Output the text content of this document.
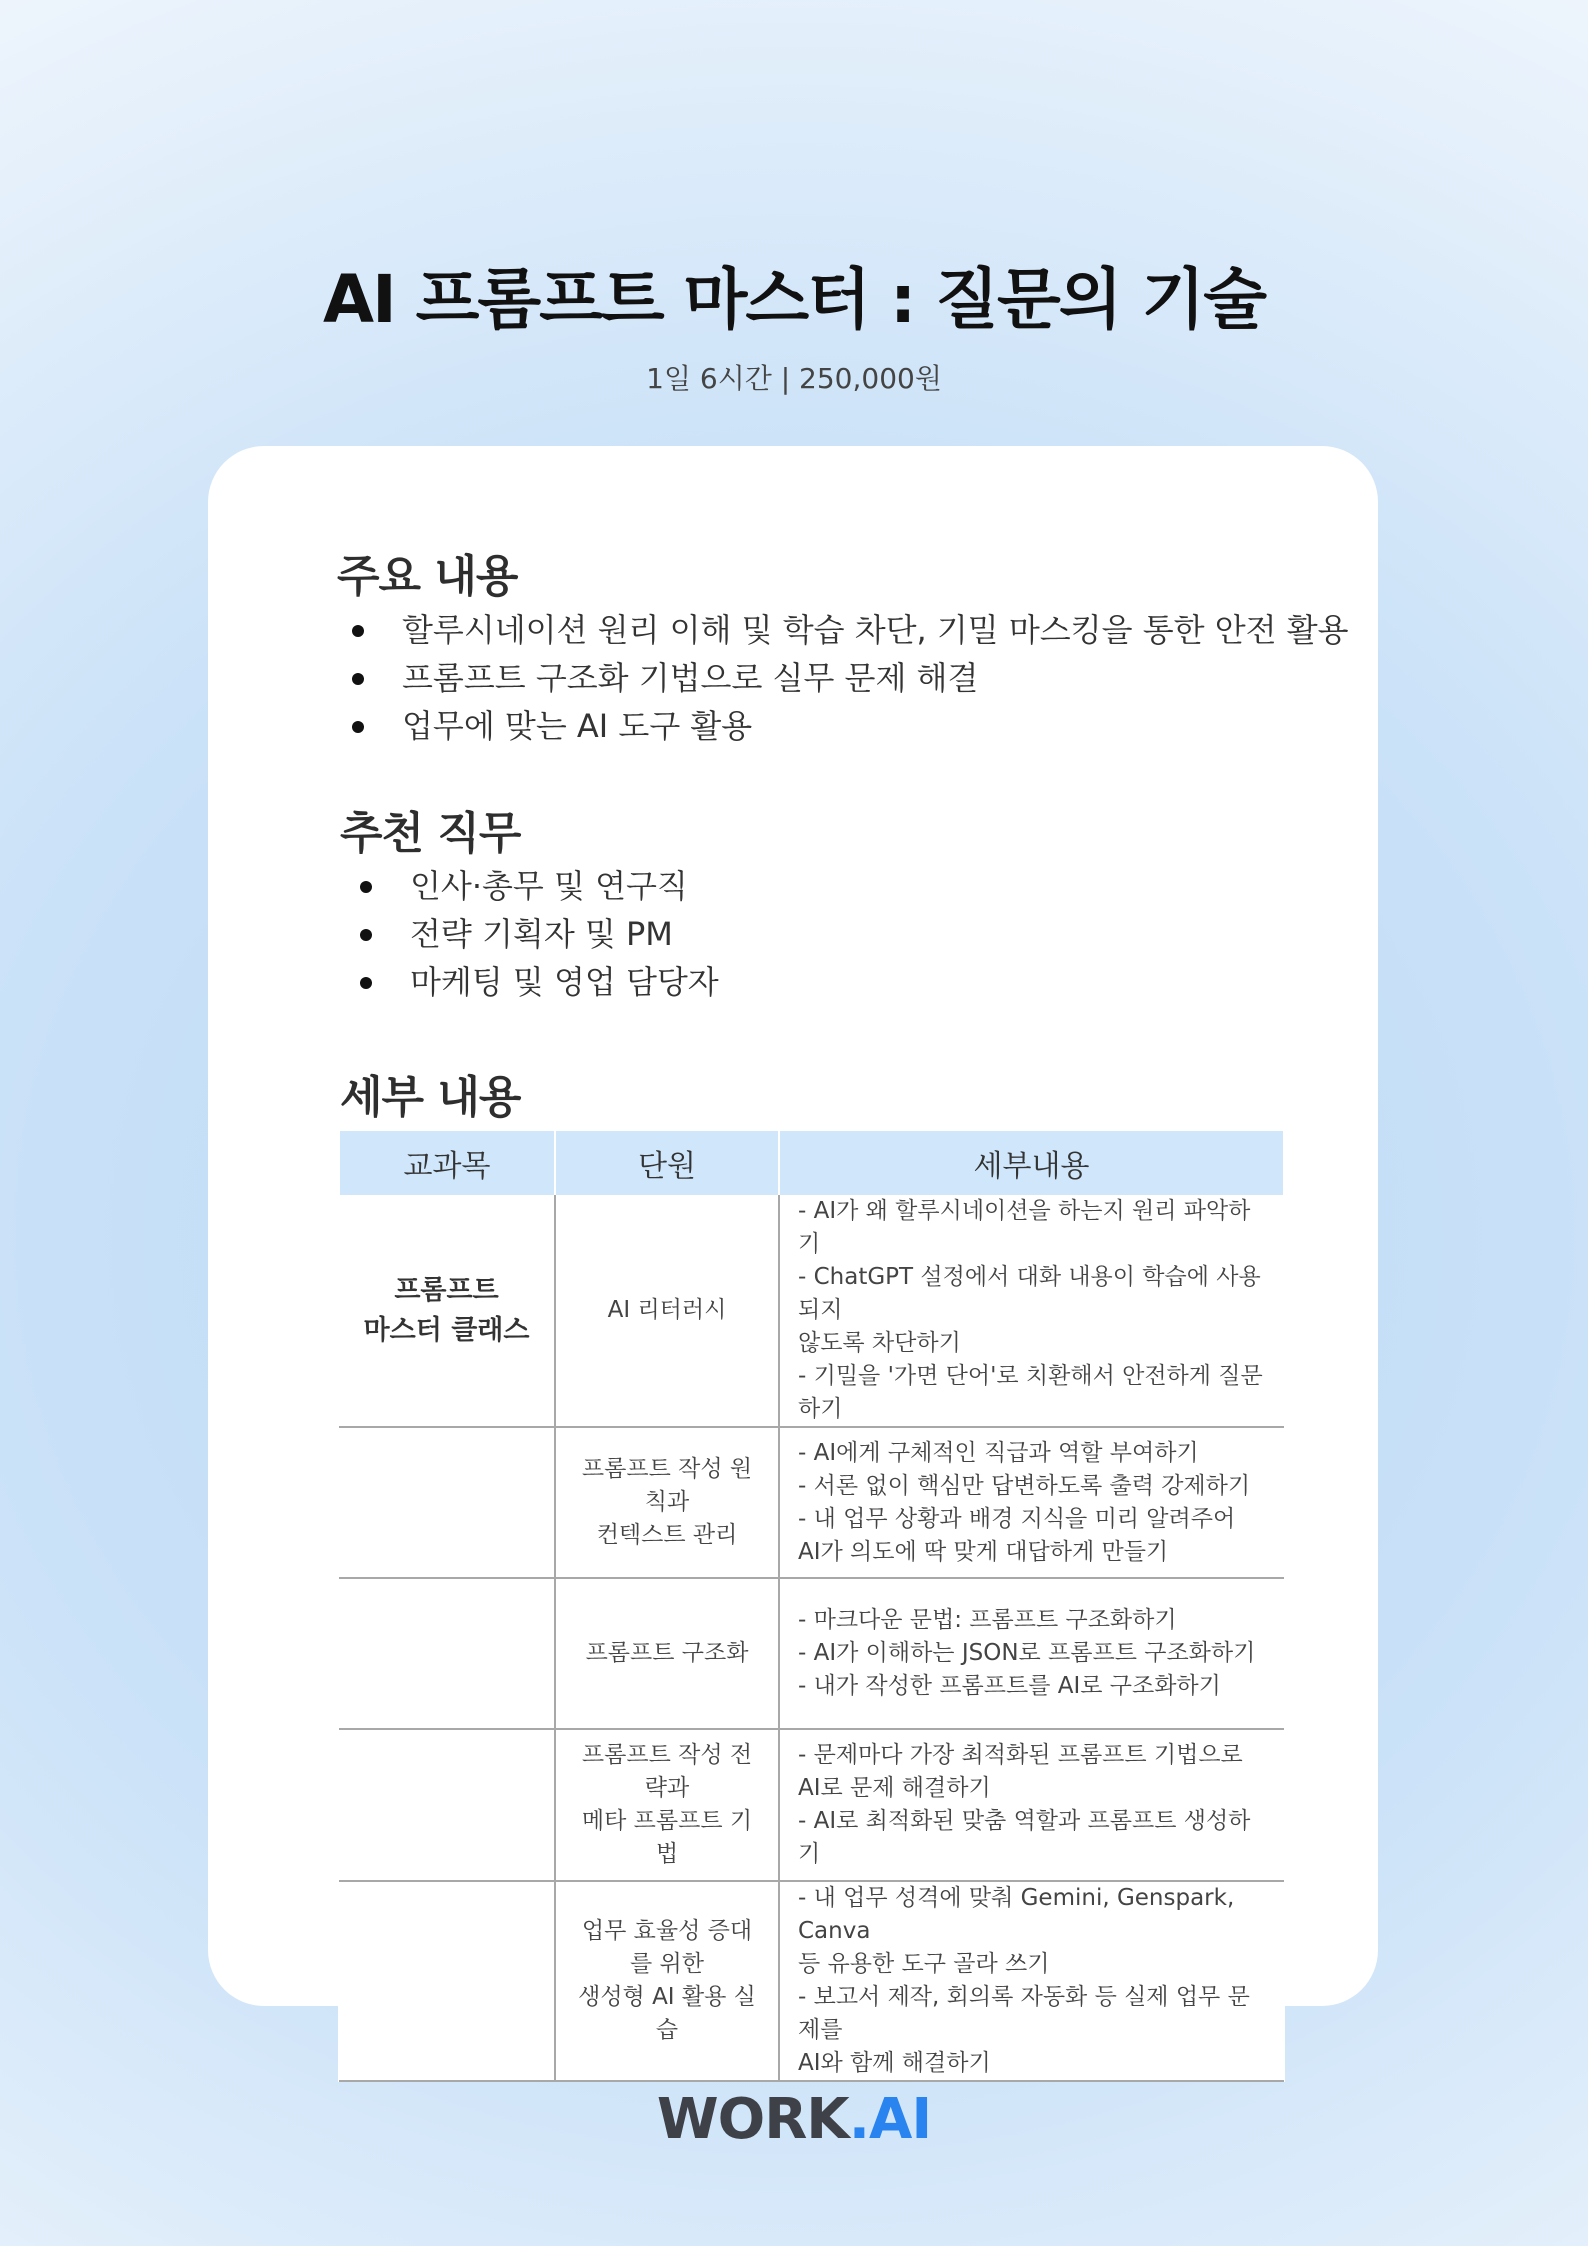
AI 프롬프트 마스터 : 질문의 기술
1일 6시간 | 250,000원
주요 내용
할루시네이션 원리 이해 및 학습 차단, 기밀 마스킹을 통한 안전 활용
프롬프트 구조화 기법으로 실무 문제 해결
업무에 맞는 AI 도구 활용
추천 직무
인사·총무 및 연구직
전략 기획자 및 PM
마케팅 및 영업 담당자
세부 내용
교과목	단원	세부내용
프롬프트
마스터 클래스	AI 리터러시	- AI가 왜 할루시네이션을 하는지 원리 파악하기
- ChatGPT 설정에서 대화 내용이 학습에 사용되지
않도록 차단하기
- 기밀을 '가면 단어'로 치환해서 안전하게 질문하기
	프롬프트 작성 원칙과
컨텍스트 관리	- AI에게 구체적인 직급과 역할 부여하기
- 서론 없이 핵심만 답변하도록 출력 강제하기
- 내 업무 상황과 배경 지식을 미리 알려주어
AI가 의도에 딱 맞게 대답하게 만들기
	프롬프트 구조화	- 마크다운 문법: 프롬프트 구조화하기
- AI가 이해하는 JSON로 프롬프트 구조화하기
- 내가 작성한 프롬프트를 AI로 구조화하기
	프롬프트 작성 전략과
메타 프롬프트 기법	- 문제마다 가장 최적화된 프롬프트 기법으로
AI로 문제 해결하기
- AI로 최적화된 맞춤 역할과 프롬프트 생성하기
	업무 효율성 증대를 위한
생성형 AI 활용 실습	- 내 업무 성격에 맞춰 Gemini, Genspark, Canva
등 유용한 도구 골라 쓰기
- 보고서 제작, 회의록 자동화 등 실제 업무 문제를
AI와 함께 해결하기
WORK.AI
